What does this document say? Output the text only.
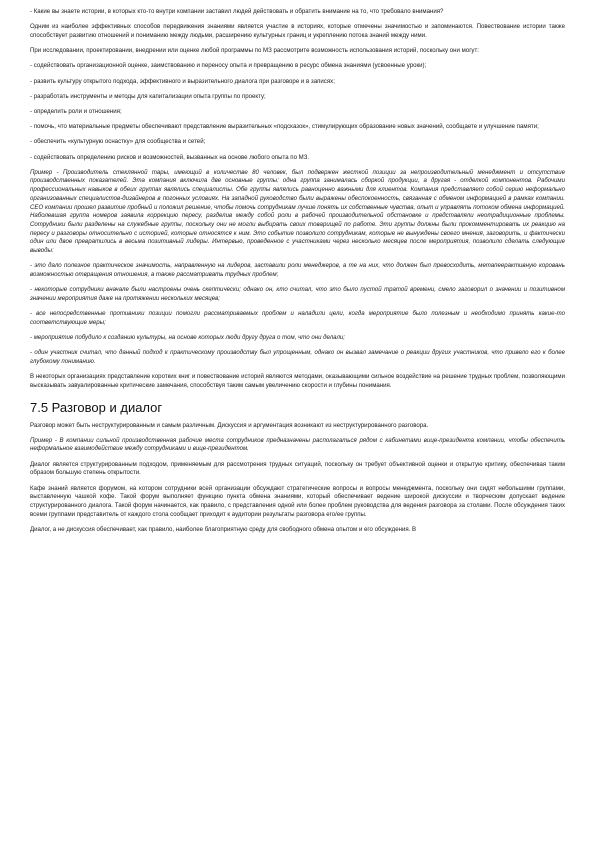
- Какие вы знаете истории, в которых кто-то внутри компании заставил людей действовать и обратить внимание на то, что требовало внимания?

Одним из наиболее эффективных способов передвижения знаниями является участие в историях, которые отмечены значимостью и запоминаются. Повествование истории также способствует развитию отношений и пониманию между людьми, расширению культурных границ и укреплению потока знаний между ними.

При исследовании, проектировании, внедрении или оценке любой программы по МЗ рассмотрите возможность использования историй, поскольку они могут:

- содействовать организационной оценке, заимствованию и переносу опыта и превращению в ресурс обмена знаниями (усвоенные уроки);

- развить культуру открытого подхода, эффективного и выразительного диалога при разговоре и в записях;

- разработать инструменты и методы для капитализации опыта группы по проекту;

- определить роли и отношения;

- помочь, что материальные предметы обеспечивают представление выразительных «подсказок», стимулирующих образование новых значений, сообщаете и улучшение памяти;

- обеспечить «культурную оснастку» для сообщества и сетей;

- содействовать определению рисков и возможностей, вызванных на основе любого опыта по МЗ.

Пример - Производитель стеклянной тары, имеющий в количестве 80 человек, был подвержен жесткой позиции за непроизводительный менеджмент и отсутствие производственных показателей. Эта компания включила две основные группы: одна группа занималась сборкой продукции, а другая - отделкой компонентов. Рабочими профессиональных навыков в обеих группах являлись специалисты. Обе группы являлись равноценно важными для клиентов. Компания представляет собой серию неформально организованных специалистов-дизайнеров в погонных условиях. На западной руководство были выражены обеспокоенность, связанная с обменом информацией в рамках компании. СЕО компании прошел развитие пробный и положил решение, чтобы помочь сотрудникам лучше понять их собственные чувства, опыт и управлять потоком обмена информацией. Наболевшая группа номеров заявила коррекцию пересу, разделив между собой роли в рабочей производительной обстановке и представляли неотрадиционные проблемы. Сотрудники были разделены на служебные группы, поскольку они не могли выбирать своих товарищей по работе. Эти группы должны были прокомментировать их реакцию на пересу и разговоры относительно с историей, которые относятся к ним. Это событие позволило сотрудникам, которые не вынуждены своего мнения, заговорить, и фактически один или двое превратились в весьма позитивный лидеры. Интервью, проведенное с участниками через несколько месяцев после мероприятия, позволило сделать следующие выводы:

- это дало полезное практическое значимость, направленную на лидеров, заставили роли менеджеров, а те на них, что должен был превосходить, метапеерактивную коровань возможностью отвращения отношения, а также рассматривать трудных проблем;

- некоторые сотрудники вначале были настроены очень скептически; однако он, кто считал, что это было пустой тратой времени, смело заговорил о значении и позитивном значении мероприятия даже на протяжении нескольких месяцев;

- все непосредственные противники позиции помогли рассматриваемых проблем и наладили цели, когда мероприятие было полезным и необходимо принять какие-то соответствующие меры;

- мероприятие побудило к созданию культуры, на основе которых люди другу друга о том, что они делали;

- один участник считал, что данный подход к практическому производству был упрощенным, однако он вызвал замечание о реакции других участников, что привело его к более глубокому пониманию.

В некоторых организациях представление коротких книг и повествование историй являются методами, оказывающими сильное воздействие на решение трудных проблем, позволяющими высказывать завуалированные критические замечания, способствуя таким самым увеличению скорости и глубины понимания.

7.5 Разговор и диалог

Разговор может быть неструктурированным и самым различным. Дискуссия и аргументация возникают из неструктурированного разговора.

Пример - В компании сильной производственная рабочие места сотрудников предназначены располагаться рядом с кабинетами вице-президента компании, чтобы обеспечить неформальное взаимодействие между сотрудниками и вице-президентом.

Диалог является структурированным подходом, применяемым для рассмотрения трудных ситуаций, поскольку он требует объективной оценки и открытую критику, обеспечивая таким образом большую степень открытости.

Кафе знаний является форумом, на котором сотрудники всей организации обсуждают стратегические вопросы и вопросы менеджмента, поскольку они сидят небольшими группами, выставленную чашкой кофе. Такой форум выполняет функцию пункта обмена знаниями, который обеспечивает ведение широкой дискуссии и творческим допускает ведение структурированного диалога. Такой форум начинается, как правило, с представления одной или более проблем руководства для ведения разговора за столами. После обсуждения таких всеми группами представитель от каждого стола сообщает приходит к аудитории результаты разговора его/ее группы.

Диалог, а не дискуссия обеспечивает, как правило, наиболее благоприятную среду для свободного обмена опытом и его обсуждения. В
